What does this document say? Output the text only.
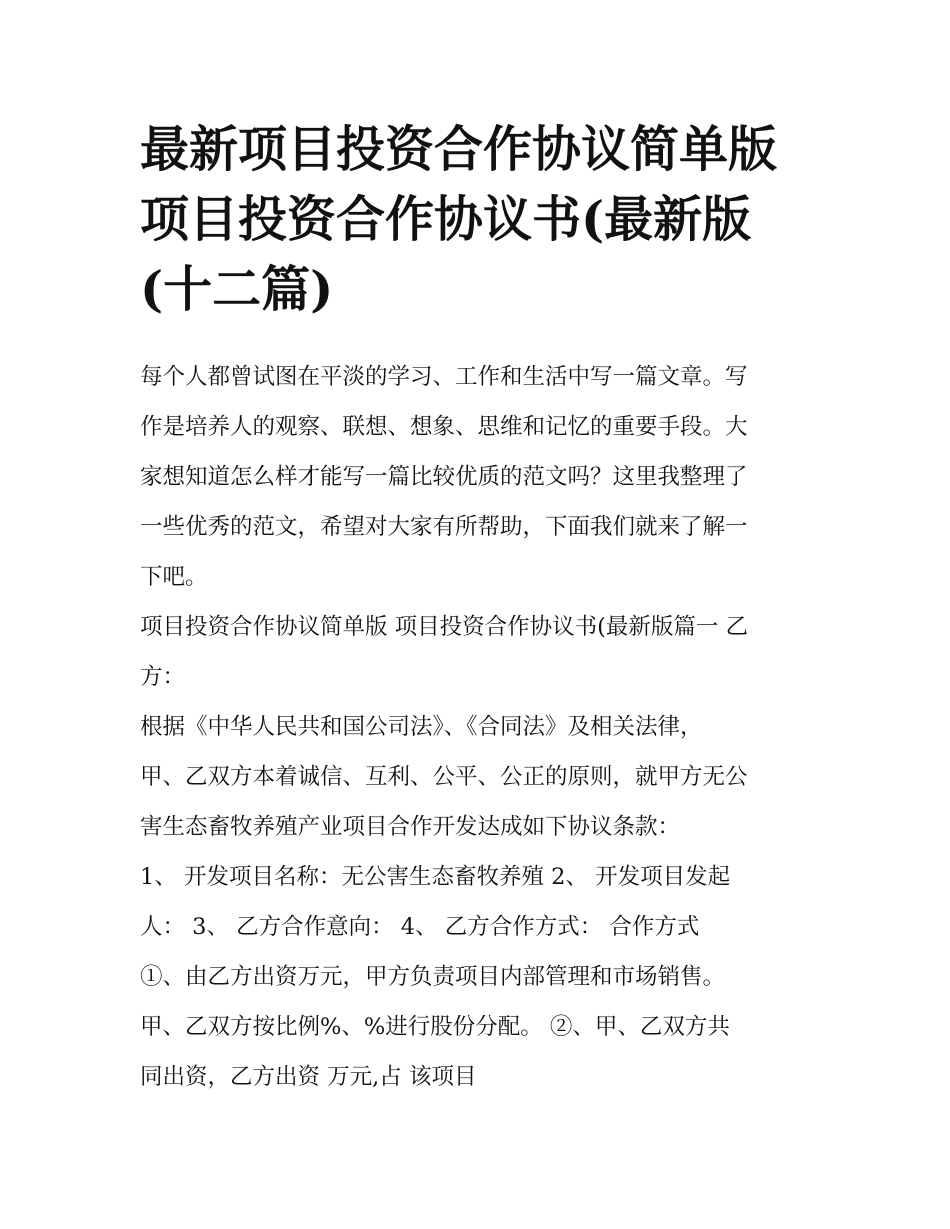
最新项目投资合作协议简单版
项目投资合作协议书(最新版
(十二篇)

每个人都曾试图在平淡的学习、工作和生活中写一篇文章。写

作是培养人的观察、联想、想象、思维和记忆的重要手段。大

家想知道怎么样才能写一篇比较优质的范文吗？这里我整理了

一些优秀的范文，希望对大家有所帮助，下面我们就来了解一

下吧。

项目投资合作协议简单版 项目投资合作协议书(最新版篇一 乙

方：

根据《中华人民共和国公司法》、《合同法》及相关法律，

甲、乙双方本着诚信、互利、公平、公正的原则，就甲方无公

害生态畜牧养殖产业项目合作开发达成如下协议条款：

1、 开发项目名称：无公害生态畜牧养殖 2、 开发项目发起

人： 3、 乙方合作意向： 4、 乙方合作方式： 合作方式

①、由乙方出资万元，甲方负责项目内部管理和市场销售。

甲、乙双方按比例%、%进行股份分配。 ②、甲、乙双方共

同出资，乙方出资 万元,占 该项目
